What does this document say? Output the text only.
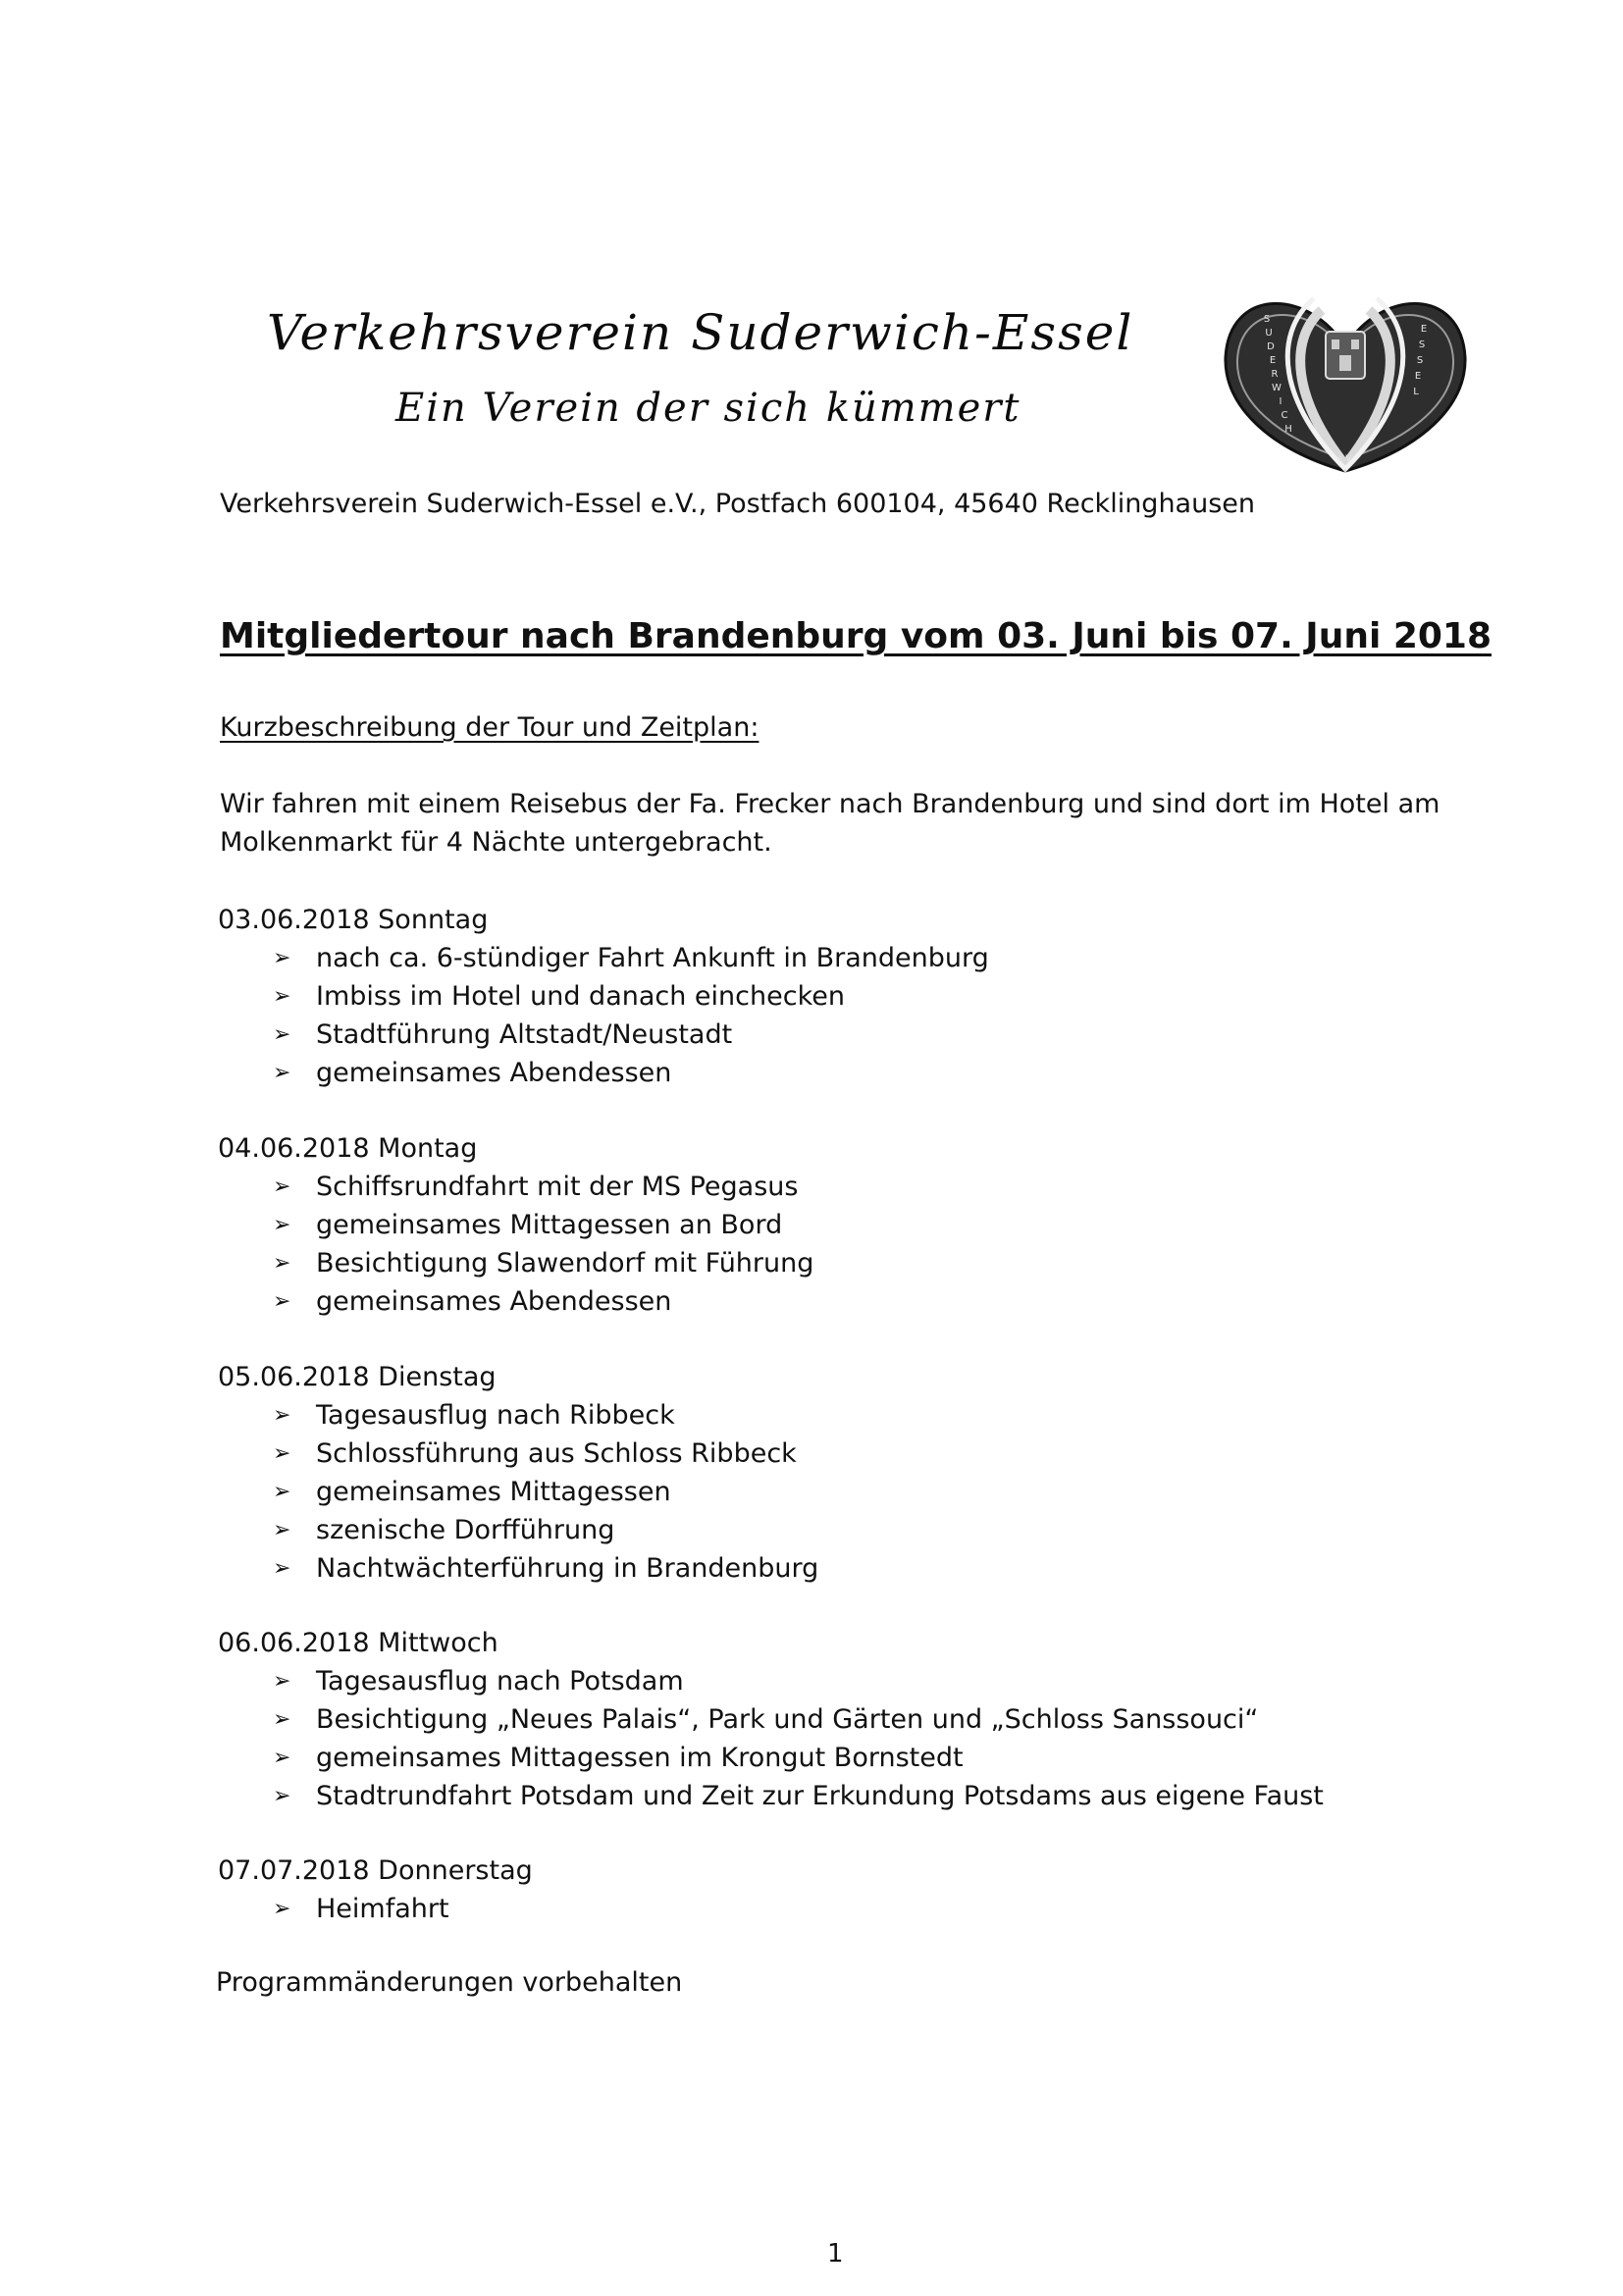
Verkehrsverein Suderwich-Essel
Ein Verein der sich kümmert
S
U
D
E
R
W
I
C
H
E
S
S
E
L
e.V.
Verkehrsverein Suderwich-Essel e.V., Postfach 600104, 45640 Recklinghausen
Mitgliedertour nach Brandenburg vom 03. Juni bis 07. Juni 2018
Kurzbeschreibung der Tour und Zeitplan:
Wir fahren mit einem Reisebus der Fa. Frecker nach Brandenburg und sind dort im Hotel am Molkenmarkt für 4 Nächte untergebracht.
03.06.2018 Sonntag
➢ nach ca. 6-stündiger Fahrt Ankunft in Brandenburg
➢ Imbiss im Hotel und danach einchecken
➢ Stadtführung Altstadt/Neustadt
➢ gemeinsames Abendessen
04.06.2018 Montag
➢ Schiffsrundfahrt mit der MS Pegasus
➢ gemeinsames Mittagessen an Bord
➢ Besichtigung Slawendorf mit Führung
➢ gemeinsames Abendessen
05.06.2018 Dienstag
➢ Tagesausflug nach Ribbeck
➢ Schlossführung aus Schloss Ribbeck
➢ gemeinsames Mittagessen
➢ szenische Dorfführung
➢ Nachtwächterführung in Brandenburg
06.06.2018 Mittwoch
➢ Tagesausflug nach Potsdam
➢ Besichtigung „Neues Palais“, Park und Gärten und „Schloss Sanssouci“
➢ gemeinsames Mittagessen im Krongut Bornstedt
➢ Stadtrundfahrt Potsdam und Zeit zur Erkundung Potsdams aus eigene Faust
07.07.2018 Donnerstag
➢ Heimfahrt
Programmänderungen vorbehalten
1
